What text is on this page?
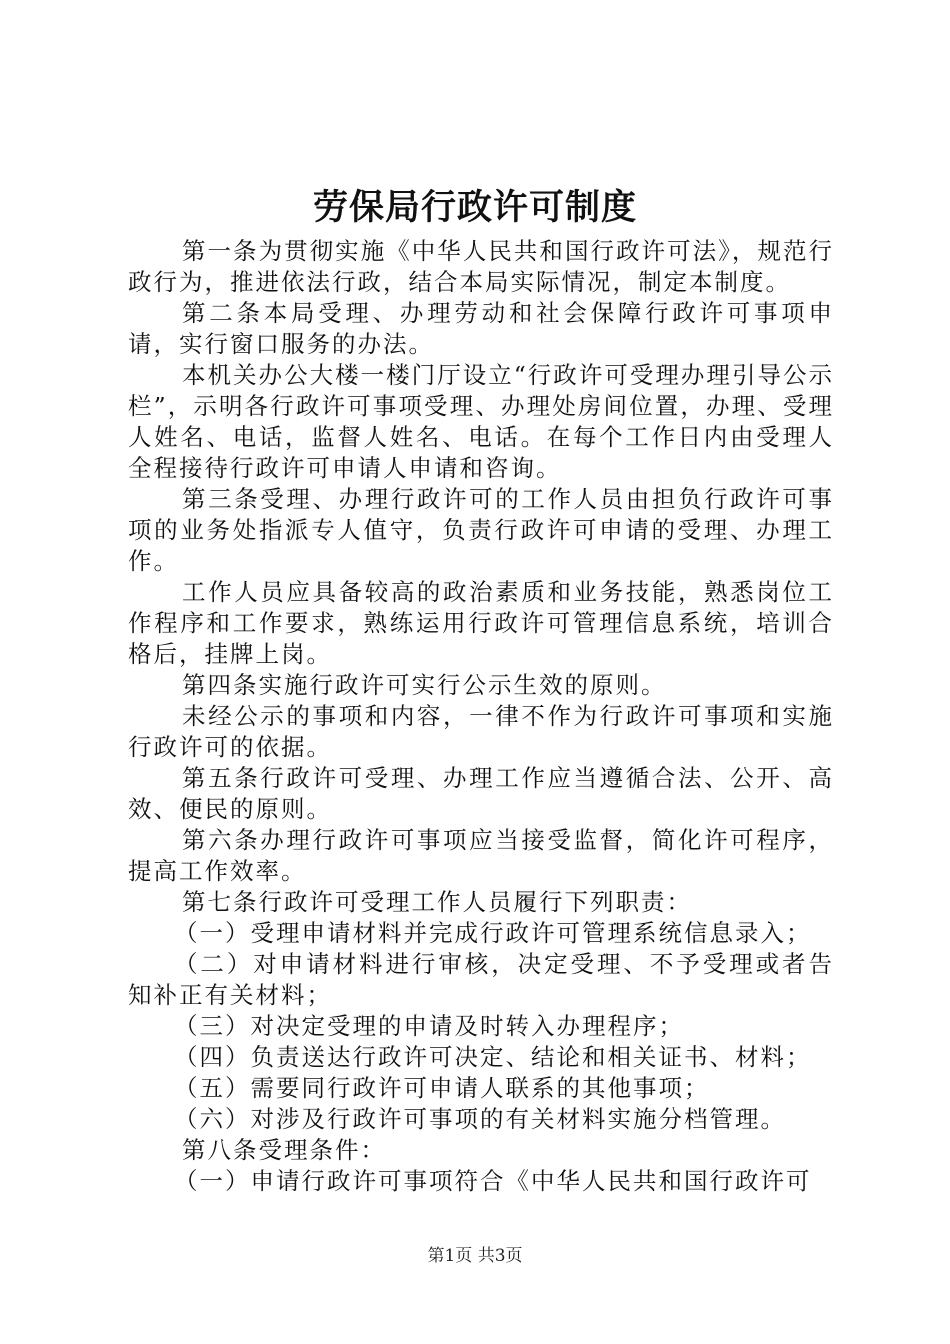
劳保局行政许可制度

第一条为贯彻实施《中华人民共和国行政许可法》，规范行政行为，推进依法行政，结合本局实际情况，制定本制度。

第二条本局受理、办理劳动和社会保障行政许可事项申请，实行窗口服务的办法。

本机关办公大楼一楼门厅设立“行政许可受理办理引导公示栏”，示明各行政许可事项受理、办理处房间位置，办理、受理人姓名、电话，监督人姓名、电话。在每个工作日内由受理人全程接待行政许可申请人申请和咨询。

第三条受理、办理行政许可的工作人员由担负行政许可事项的业务处指派专人值守，负责行政许可申请的受理、办理工作。

工作人员应具备较高的政治素质和业务技能，熟悉岗位工作程序和工作要求，熟练运用行政许可管理信息系统，培训合格后，挂牌上岗。

第四条实施行政许可实行公示生效的原则。

未经公示的事项和内容，一律不作为行政许可事项和实施行政许可的依据。

第五条行政许可受理、办理工作应当遵循合法、公开、高效、便民的原则。

第六条办理行政许可事项应当接受监督，简化许可程序，提高工作效率。

第七条行政许可受理工作人员履行下列职责：

（一）受理申请材料并完成行政许可管理系统信息录入；

（二）对申请材料进行审核，决定受理、不予受理或者告知补正有关材料；

（三）对决定受理的申请及时转入办理程序；

（四）负责送达行政许可决定、结论和相关证书、材料；

（五）需要同行政许可申请人联系的其他事项；

（六）对涉及行政许可事项的有关材料实施分档管理。

第八条受理条件：

（一）申请行政许可事项符合《中华人民共和国行政许可

第1页 共3页
